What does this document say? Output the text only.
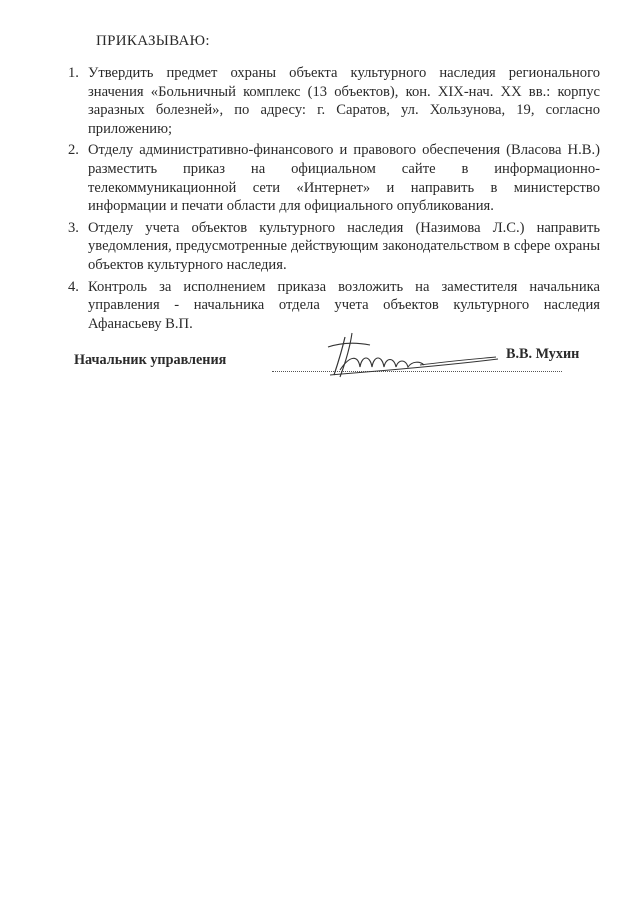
ПРИКАЗЫВАЮ:
1. Утвердить предмет охраны объекта культурного наследия регионального значения «Больничный комплекс (13 объектов), кон. XIX-нач. XX вв.: корпус заразных болезней», по адресу: г. Саратов, ул. Хользунова, 19, согласно приложению;
2. Отделу административно-финансового и правового обеспечения (Власова Н.В.) разместить приказ на официальном сайте в информационно-телекоммуникационной сети «Интернет» и направить в министерство информации и печати области для официального опубликования.
3. Отделу учета объектов культурного наследия (Назимова Л.С.) направить уведомления, предусмотренные действующим законодательством в сфере охраны объектов культурного наследия.
4. Контроль за исполнением приказа возложить на заместителя начальника управления - начальника отдела учета объектов культурного наследия Афанасьеву В.П.
Начальник управления	В.В. Мухин
